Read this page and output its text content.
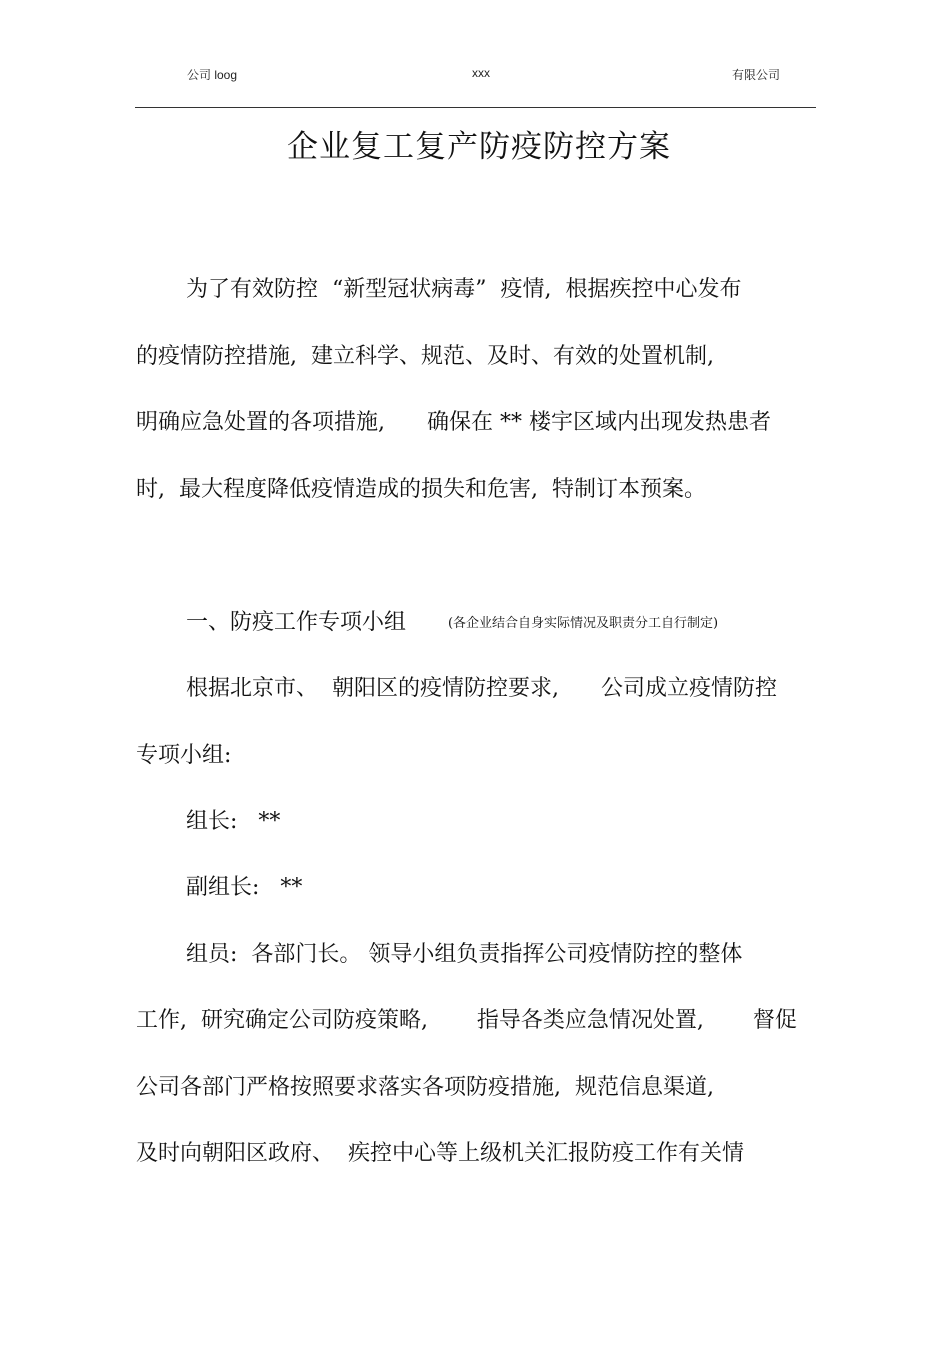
公司 loog	xxx	有限公司
企业复工复产防疫防控方案
为了有效防控  “新型冠状病毒”  疫情,  根据疾控中心发布
的疫情防控措施,  建立科学、规范、及时、有效的处置机制,
明确应急处置的各项措施,      确保在 ** 楼宇区域内出现发热患者
时,  最大程度降低疫情造成的损失和危害,  特制订本预案。
一、防疫工作专项小组	(各企业结合自身实际情况及职责分工自行制定)
根据北京市、  朝阳区的疫情防控要求,      公司成立疫情防控
专项小组:
组长:   **
副组长:   **
组员:  各部门长。 领导小组负责指挥公司疫情防控的整体
工作,  研究确定公司防疫策略,       指导各类应急情况处置,       督促
公司各部门严格按照要求落实各项防疫措施,  规范信息渠道,
及时向朝阳区政府、  疾控中心等上级机关汇报防疫工作有关情
